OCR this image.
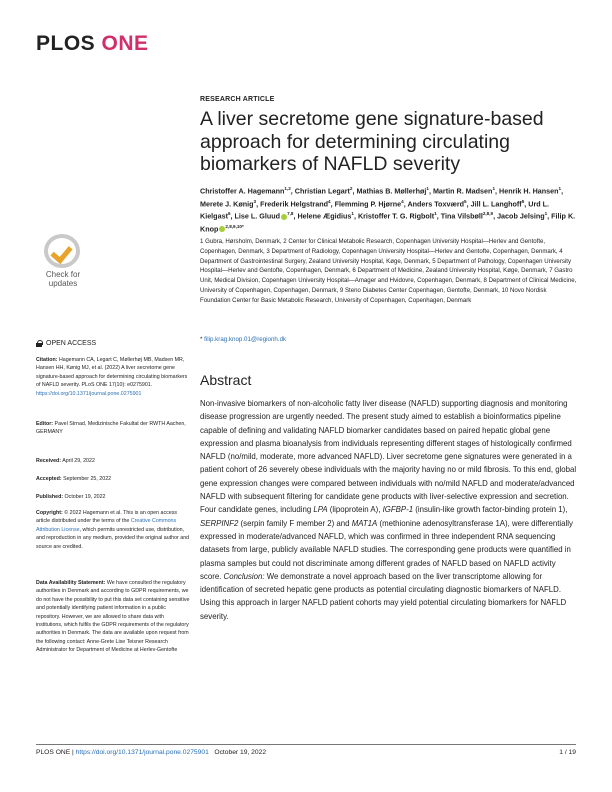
PLOS ONE
RESEARCH ARTICLE
A liver secretome gene signature-based approach for determining circulating biomarkers of NAFLD severity
Christoffer A. Hagemann$^{1,2}$, Christian Legart$^2$, Mathias B. Møllerhøj$^1$, Martin R. Madsen$^1$, Henrik H. Hansen$^1$, Merete J. Kønig$^3$, Frederik Helgstrand$^4$, Flemming P. Hjørne$^4$, Anders Toxværd$^5$, Jill L. Langhoff$^5$, Urd L. Kielgast$^6$, Lise L. Gluud $^{7,8}$, Helene Ægidius$^1$, Kristoffer T. G. Rigbolt$^1$, Tina Vilsbøll$^{2,8,9}$, Jacob Jelsing$^1$, Filip K. Knop $^{2,8,9,10*}$
1 Gubra, Hørsholm, Denmark, 2 Center for Clinical Metabolic Research, Copenhagen University Hospital—Herlev and Gentofte, Copenhagen, Denmark, 3 Department of Radiology, Copenhagen University Hospital—Herlev and Gentofte, Copenhagen, Denmark, 4 Department of Gastrointestinal Surgery, Zealand University Hospital, Køge, Denmark, 5 Department of Pathology, Copenhagen University Hospital—Herlev and Gentofte, Copenhagen, Denmark, 6 Department of Medicine, Zealand University Hospital, Køge, Denmark, 7 Gastro Unit, Medical Division, Copenhagen University Hospital—Amager and Hvidovre, Copenhagen, Denmark, 8 Department of Clinical Medicine, University of Copenhagen, Copenhagen, Denmark, 9 Steno Diabetes Center Copenhagen, Gentofte, Denmark, 10 Novo Nordisk Foundation Center for Basic Metabolic Research, University of Copenhagen, Copenhagen, Denmark
* filip.krag.knop.01@regionh.dk
Abstract
Non-invasive biomarkers of non-alcoholic fatty liver disease (NAFLD) supporting diagnosis and monitoring disease progression are urgently needed. The present study aimed to establish a bioinformatics pipeline capable of defining and validating NAFLD biomarker candidates based on paired hepatic global gene expression and plasma bioanalysis from individuals representing different stages of histologically confirmed NAFLD (no/mild, moderate, more advanced NAFLD). Liver secretome gene signatures were generated in a patient cohort of 26 severely obese individuals with the majority having no or mild fibrosis. To this end, global gene expression changes were compared between individuals with no/mild NAFLD and moderate/advanced NAFLD with subsequent filtering for candidate gene products with liver-selective expression and secretion. Four candidate genes, including LPA (lipoprotein A), IGFBP-1 (insulin-like growth factor-binding protein 1), SERPINF2 (serpin family F member 2) and MAT1A (methionine adenosyltransferase 1A), were differentially expressed in moderate/advanced NAFLD, which was confirmed in three independent RNA sequencing datasets from large, publicly available NAFLD studies. The corresponding gene products were quantified in plasma samples but could not discriminate among different grades of NAFLD based on NAFLD activity score. Conclusion: We demonstrate a novel approach based on the liver transcriptome allowing for identification of secreted hepatic gene products as potential circulating diagnostic biomarkers of NAFLD. Using this approach in larger NAFLD patient cohorts may yield potential circulating biomarkers for NAFLD severity.
Check for
updates
OPEN ACCESS
Citation: Hagemann CA, Legart C, Møllerhøj MB, Madsen MR, Hansen HH, Kønig MJ, et al. (2022) A liver secretome gene signature-based approach for determining circulating biomarkers of NAFLD severity. PLoS ONE 17(10): e0275901. https://doi.org/10.1371/journal.pone.0275901
Editor: Pavel Strnad, Medizinische Fakultat der RWTH Aachen, GERMANY
Received: April 29, 2022
Accepted: September 25, 2022
Published: October 19, 2022
Copyright: © 2022 Hagemann et al. This is an open access article distributed under the terms of the Creative Commons Attribution License, which permits unrestricted use, distribution, and reproduction in any medium, provided the original author and source are credited.
Data Availability Statement: We have consulted the regulatory authorities in Denmark and according to GDPR requirements, we do not have the possibility to put this data set containing sensitive and potentially identifying patient information in a public repository. However, we are allowed to share data with institutions, which fulfils the GDPR requirements of the regulatory authorities in Denmark. The data are available upon request from the following contact: Anne-Grete Lise Teisner Research Administrator for Department of Medicine at Herlev-Gentofte
PLOS ONE | https://doi.org/10.1371/journal.pone.0275901 October 19, 2022	1 / 19
